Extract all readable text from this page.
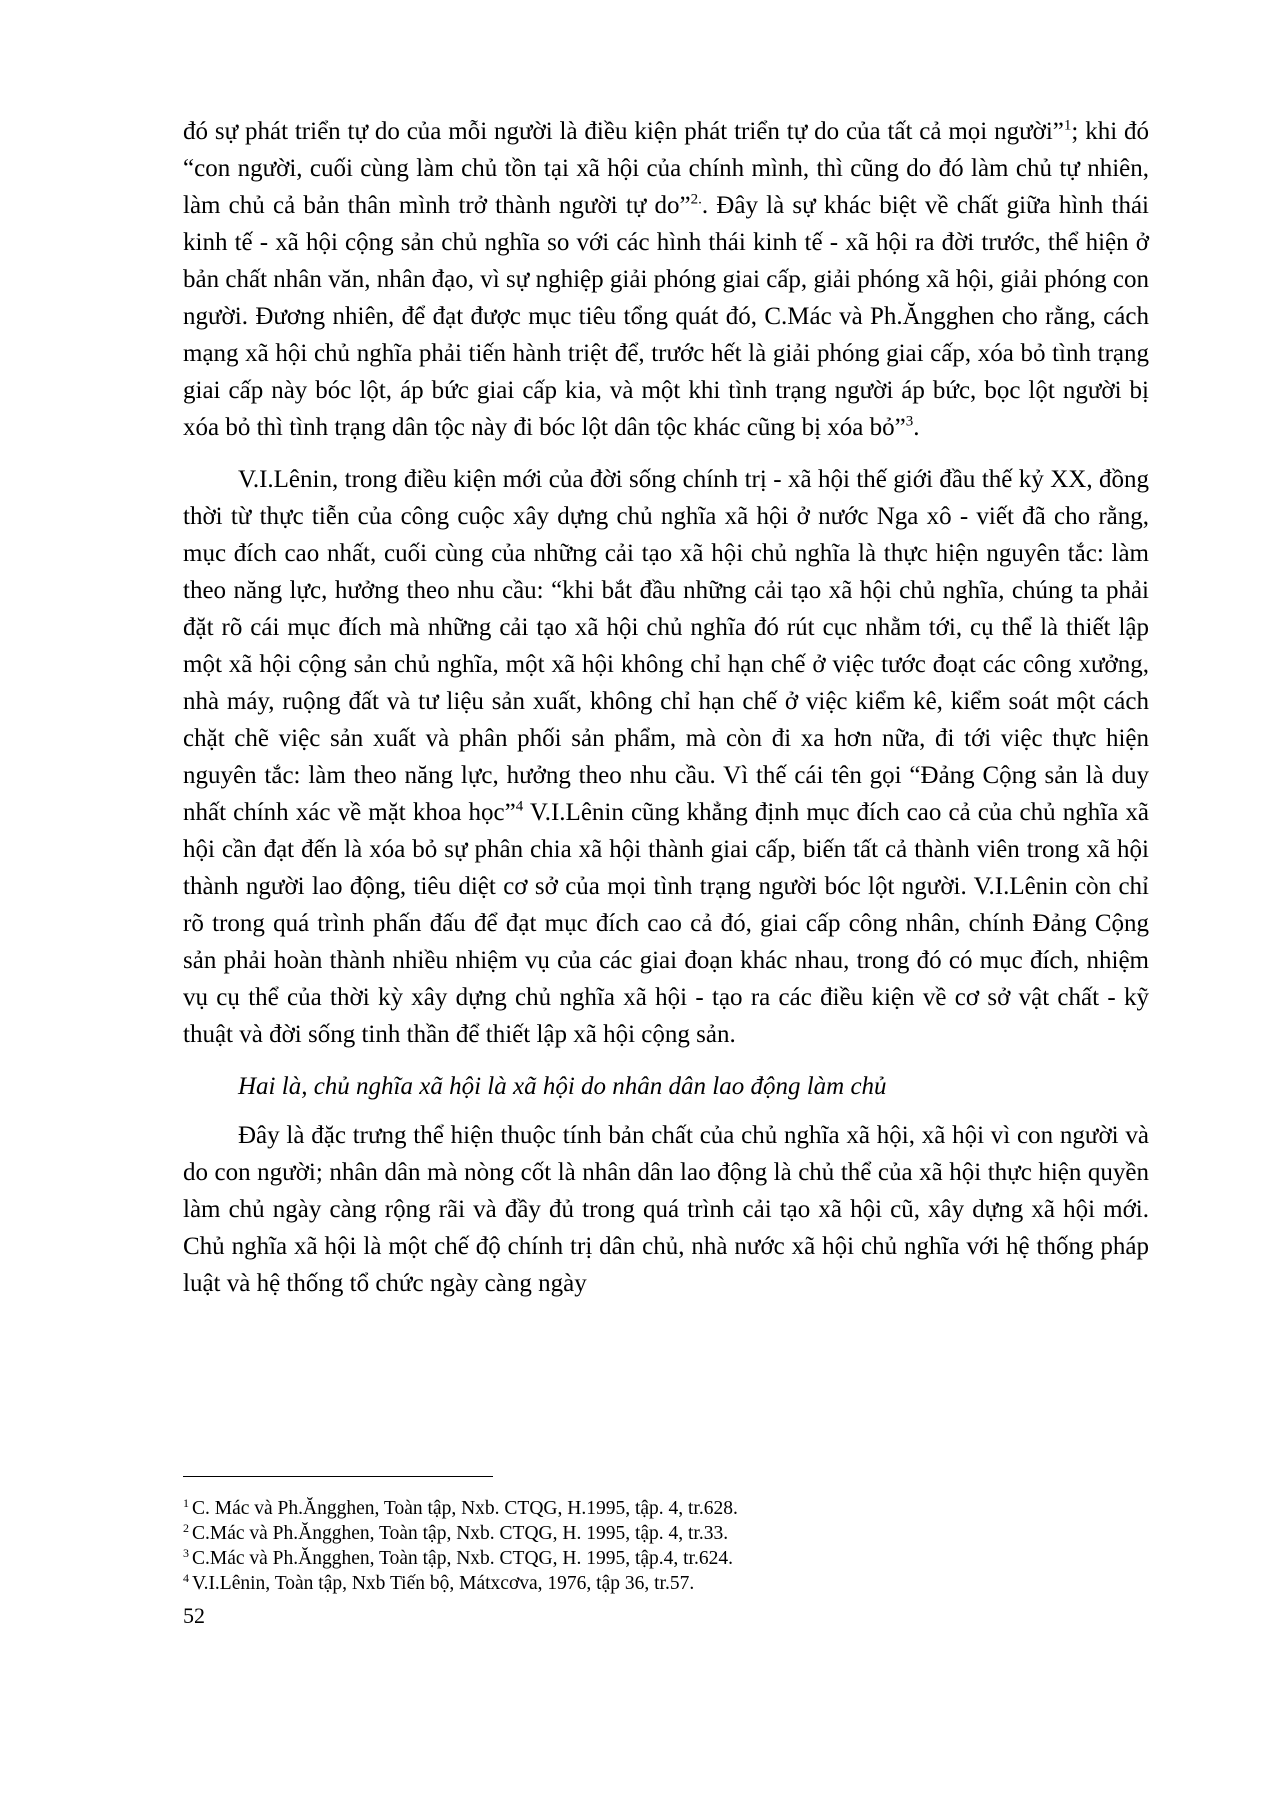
đó sự phát triển tự do của mỗi người là điều kiện phát triển tự do của tất cả mọi người”$^1$; khi đó “con người, cuối cùng làm chủ tồn tại xã hội của chính mình, thì cũng do đó làm chủ tự nhiên, làm chủ cả bản thân mình trở thành người tự do”$^{2.}$. Đây là sự khác biệt về chất giữa hình thái kinh tế - xã hội cộng sản chủ nghĩa so với các hình thái kinh tế - xã hội ra đời trước, thể hiện ở bản chất nhân văn, nhân đạo, vì sự nghiệp giải phóng giai cấp, giải phóng xã hội, giải phóng con người. Đương nhiên, để đạt được mục tiêu tổng quát đó, C.Mác và Ph.Ăngghen cho rằng, cách mạng xã hội chủ nghĩa phải tiến hành triệt để, trước hết là giải phóng giai cấp, xóa bỏ tình trạng giai cấp này bóc lột, áp bức giai cấp kia, và một khi tình trạng người áp bức, bọc lột người bị xóa bỏ thì tình trạng dân tộc này đi bóc lột dân tộc khác cũng bị xóa bỏ”$^3$.

V.I.Lênin, trong điều kiện mới của đời sống chính trị - xã hội thế giới đầu thế kỷ XX, đồng thời từ thực tiễn của công cuộc xây dựng chủ nghĩa xã hội ở nước Nga xô - viết đã cho rằng, mục đích cao nhất, cuối cùng của những cải tạo xã hội chủ nghĩa là thực hiện nguyên tắc: làm theo năng lực, hưởng theo nhu cầu: “khi bắt đầu những cải tạo xã hội chủ nghĩa, chúng ta phải đặt rõ cái mục đích mà những cải tạo xã hội chủ nghĩa đó rút cục nhằm tới, cụ thể là thiết lập một xã hội cộng sản chủ nghĩa, một xã hội không chỉ hạn chế ở việc tước đoạt các công xưởng, nhà máy, ruộng đất và tư liệu sản xuất, không chỉ hạn chế ở việc kiểm kê, kiểm soát một cách chặt chẽ việc sản xuất và phân phối sản phẩm, mà còn đi xa hơn nữa, đi tới việc thực hiện nguyên tắc: làm theo năng lực, hưởng theo nhu cầu. Vì thế cái tên gọi “Đảng Cộng sản là duy nhất chính xác về mặt khoa học”$^4$ V.I.Lênin cũng khẳng định mục đích cao cả của chủ nghĩa xã hội cần đạt đến là xóa bỏ sự phân chia xã hội thành giai cấp, biến tất cả thành viên trong xã hội thành người lao động, tiêu diệt cơ sở của mọi tình trạng người bóc lột người. V.I.Lênin còn chỉ rõ trong quá trình phấn đấu để đạt mục đích cao cả đó, giai cấp công nhân, chính Đảng Cộng sản phải hoàn thành nhiều nhiệm vụ của các giai đoạn khác nhau, trong đó có mục đích, nhiệm vụ cụ thể của thời kỳ xây dựng chủ nghĩa xã hội - tạo ra các điều kiện về cơ sở vật chất - kỹ thuật và đời sống tinh thần để thiết lập xã hội cộng sản.

Hai là, chủ nghĩa xã hội là xã hội do nhân dân lao động làm chủ

Đây là đặc trưng thể hiện thuộc tính bản chất của chủ nghĩa xã hội, xã hội vì con người và do con người; nhân dân mà nòng cốt là nhân dân lao động là chủ thể của xã hội thực hiện quyền làm chủ ngày càng rộng rãi và đầy đủ trong quá trình cải tạo xã hội cũ, xây dựng xã hội mới. Chủ nghĩa xã hội là một chế độ chính trị dân chủ, nhà nước xã hội chủ nghĩa với hệ thống pháp luật và hệ thống tổ chức ngày càng ngày

$^1$ C. Mác và Ph.Ăngghen, Toàn tập, Nxb. CTQG, H.1995, tập. 4, tr.628.
$^2$ C.Mác và Ph.Ăngghen, Toàn tập, Nxb. CTQG, H. 1995, tập. 4, tr.33.
$^3$ C.Mác và Ph.Ăngghen, Toàn tập, Nxb. CTQG, H. 1995, tập.4, tr.624.
$^4$ V.I.Lênin, Toàn tập, Nxb Tiến bộ, Mátxcơva, 1976, tập 36, tr.57.
52
